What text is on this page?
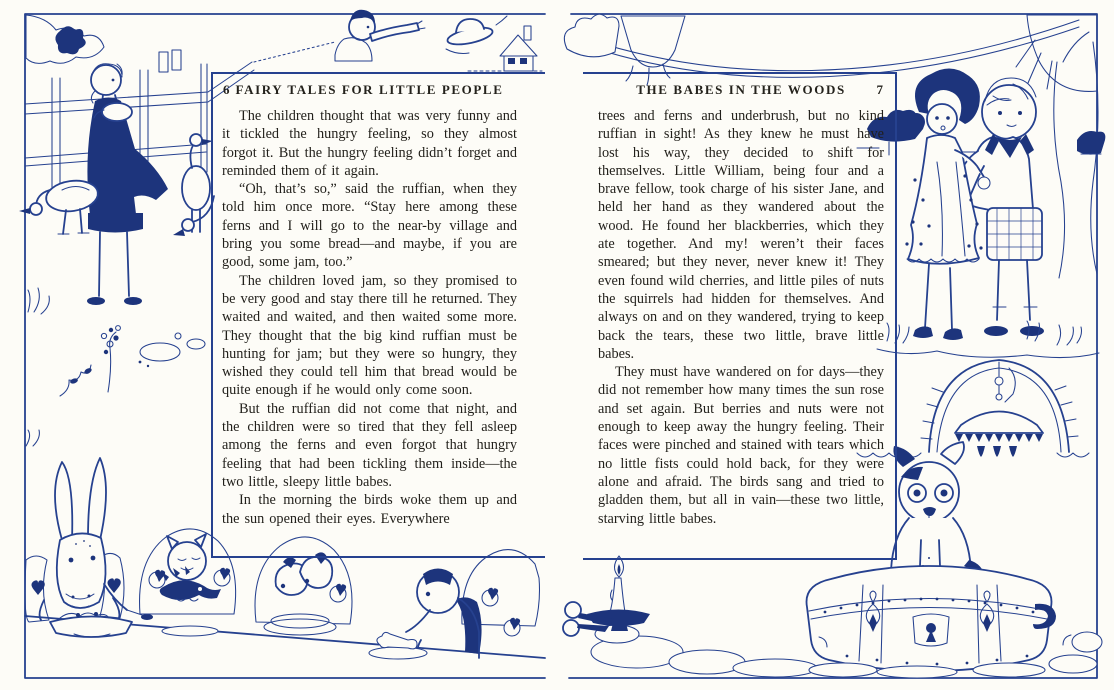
6 FAIRY TALES FOR LITTLE PEOPLE

The children thought that was very funny and it tickled the hungry feeling, so they almost forgot it. But the hungry feeling didn’t forget and reminded them of it again.

“Oh, that’s so,” said the ruffian, when they told him once more. “Stay here among these ferns and I will go to the near-by village and bring you some bread—and maybe, if you are good, some jam, too.”

The children loved jam, so they promised to be very good and stay there till he returned. They waited and waited, and then waited some more. They thought that the big kind ruffian must be hunting for jam; but they were so hungry, they wished they could tell him that bread would be quite enough if he would only come soon.

But the ruffian did not come that night, and the children were so tired that they fell asleep among the ferns and even forgot that hungry feeling that had been tickling them inside—the two little, sleepy little babes.

In the morning the birds woke them up and the sun opened their eyes. Everywhere

THE BABES IN THE WOODS 7

trees and ferns and underbrush, but no kind ruffian in sight! As they knew he must have lost his way, they decided to shift for themselves. Little William, being four and a brave fellow, took charge of his sister Jane, and held her hand as they wandered about the wood. He found her blackberries, which they ate together. And my! weren’t their faces smeared; but they never, never knew it! They even found wild cherries, and little piles of nuts the squirrels had hidden for themselves. And always on and on they wandered, trying to keep back the tears, these two little, brave little babes.

They must have wandered on for days—they did not remember how many times the sun rose and set again. But berries and nuts were not enough to keep away the hungry feeling. Their faces were pinched and stained with tears which no little fists could hold back, for they were alone and afraid. The birds sang and tried to gladden them, but all in vain—these two little, starving little babes.
